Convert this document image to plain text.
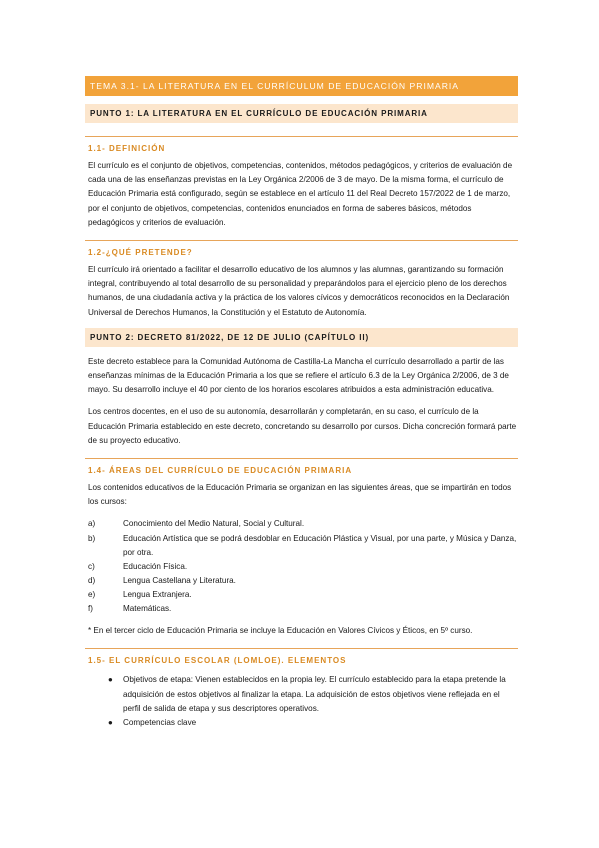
TEMA 3.1- LA LITERATURA EN EL CURRÍCULUM DE EDUCACIÓN PRIMARIA
PUNTO 1: LA LITERATURA EN EL CURRÍCULO DE EDUCACIÓN PRIMARIA
1.1- DEFINICIÓN

El currículo es el conjunto de objetivos, competencias, contenidos, métodos pedagógicos, y criterios de evaluación de cada una de las enseñanzas previstas en la Ley Orgánica 2/2006 de 3 de mayo. De la misma forma, el currículo de Educación Primaria está configurado, según se establece en el artículo 11 del Real Decreto 157/2022 de 1 de marzo, por el conjunto de objetivos, competencias, contenidos enunciados en forma de saberes básicos, métodos pedagógicos y criterios de evaluación.

1.2-¿QUÉ PRETENDE?

El currículo irá orientado a facilitar el desarrollo educativo de los alumnos y las alumnas, garantizando su formación integral, contribuyendo al total desarrollo de su personalidad y preparándolos para el ejercicio pleno de los derechos humanos, de una ciudadanía activa y la práctica de los valores cívicos y democráticos reconocidos en la Declaración Universal de Derechos Humanos, la Constitución y el Estatuto de Autonomía.

PUNTO 2: DECRETO 81/2022, DE 12 DE JULIO (CAPÍTULO II)

Este decreto establece para la Comunidad Autónoma de Castilla-La Mancha el currículo desarrollado a partir de las enseñanzas mínimas de la Educación Primaria a los que se refiere el artículo 6.3 de la Ley Orgánica 2/2006, de 3 de mayo. Su desarrollo incluye el 40 por ciento de los horarios escolares atribuidos a esta administración educativa.

Los centros docentes, en el uso de su autonomía, desarrollarán y completarán, en su caso, el currículo de la Educación Primaria establecido en este decreto, concretando su desarrollo por cursos. Dicha concreción formará parte de su proyecto educativo.

1.4- ÁREAS DEL CURRÍCULO DE EDUCACIÓN PRIMARIA

Los contenidos educativos de la Educación Primaria se organizan en las siguientes áreas, que se impartirán en todos los cursos:

a)	Conocimiento del Medio Natural, Social y Cultural.
b)	Educación Artística que se podrá desdoblar en Educación Plástica y Visual, por una parte, y Música y Danza, por otra.
c)	Educación Física.
d)	Lengua Castellana y Literatura.
e)	Lengua Extranjera.
f)	Matemáticas.

* En el tercer ciclo de Educación Primaria se incluye la Educación en Valores Cívicos y Éticos, en 5º curso.

1.5- EL CURRÍCULO ESCOLAR (LOMLOE). ELEMENTOS
●	Objetivos de etapa: Vienen establecidos en la propia ley. El currículo establecido para la etapa pretende la adquisición de estos objetivos al finalizar la etapa. La adquisición de estos objetivos viene reflejada en el perfil de salida de etapa y sus descriptores operativos.
●	Competencias clave
